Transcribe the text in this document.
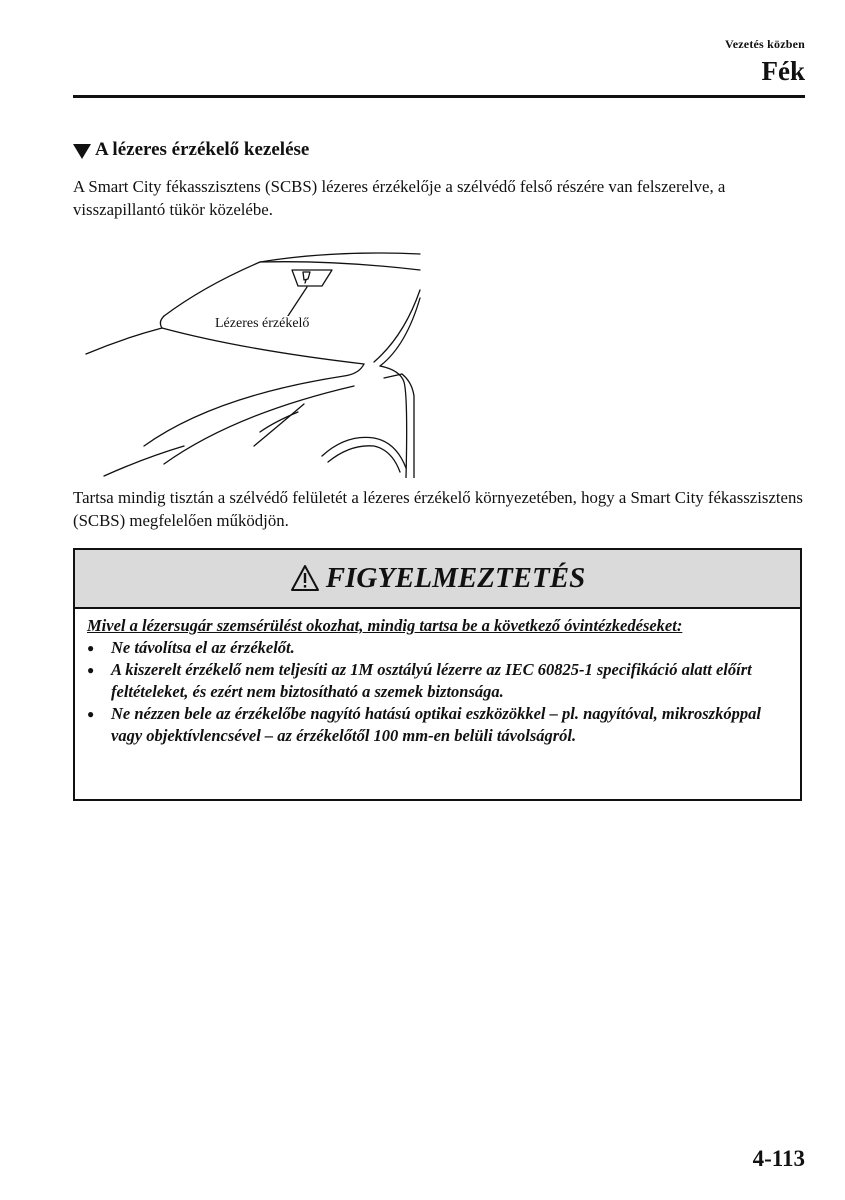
Vezetés közben
Fék
A lézeres érzékelő kezelése
A Smart City fékasszisztens (SCBS) lézeres érzékelője a szélvédő felső részére van felszerelve, a visszapillantó tükör közelébe.
Lézeres érzékelő
Tartsa mindig tisztán a szélvédő felületét a lézeres érzékelő környezetében, hogy a Smart City fékasszisztens (SCBS) megfelelően működjön.
FIGYELMEZTETÉS
Mivel a lézersugár szemsérülést okozhat, mindig tartsa be a következő óvintézkedéseket:
●	Ne távolítsa el az érzékelőt.
●	A kiszerelt érzékelő nem teljesíti az 1M osztályú lézerre az IEC 60825-1 specifikáció alatt előírt feltételeket, és ezért nem biztosítható a szemek biztonsága.
●	Ne nézzen bele az érzékelőbe nagyító hatású optikai eszközökkel – pl. nagyítóval, mikroszkóppal vagy objektívlencsével – az érzékelőtől 100 mm-en belüli távolságról.
4-113
